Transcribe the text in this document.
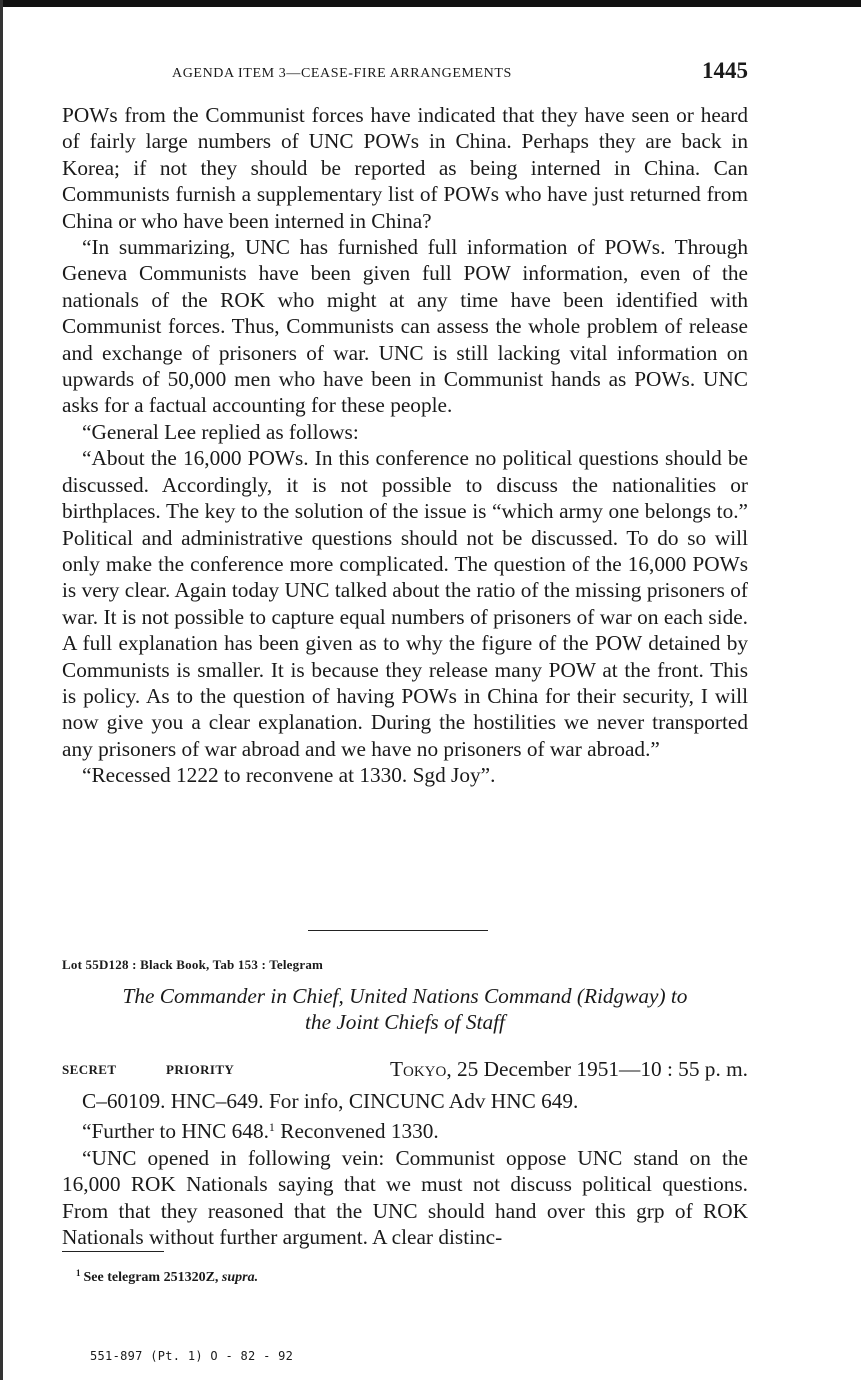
AGENDA ITEM 3—CEASE-FIRE ARRANGEMENTS	1445

POWs from the Communist forces have indicated that they have seen or heard of fairly large numbers of UNC POWs in China. Perhaps they are back in Korea; if not they should be reported as being interned in China. Can Communists furnish a supplementary list of POWs who have just returned from China or who have been interned in China?

“In summarizing, UNC has furnished full information of POWs. Through Geneva Communists have been given full POW information, even of the nationals of the ROK who might at any time have been identified with Communist forces. Thus, Communists can assess the whole problem of release and exchange of prisoners of war. UNC is still lacking vital information on upwards of 50,000 men who have been in Communist hands as POWs. UNC asks for a factual accounting for these people.

“General Lee replied as follows:

“About the 16,000 POWs. In this conference no political questions should be discussed. Accordingly, it is not possible to discuss the nationalities or birthplaces. The key to the solution of the issue is “which army one belongs to.” Political and administrative questions should not be discussed. To do so will only make the conference more complicated. The question of the 16,000 POWs is very clear. Again today UNC talked about the ratio of the missing prisoners of war. It is not possible to capture equal numbers of prisoners of war on each side. A full explanation has been given as to why the figure of the POW detained by Communists is smaller. It is because they release many POW at the front. This is policy. As to the question of having POWs in China for their security, I will now give you a clear explanation. During the hostilities we never transported any prisoners of war abroad and we have no prisoners of war abroad.”

“Recessed 1222 to reconvene at 1330. Sgd Joy”.

Lot 55D128 : Black Book, Tab 153 : Telegram
The Commander in Chief, United Nations Command (Ridgway) to
the Joint Chiefs of Staff
SECRET	PRIORITY	Tokyo, 25 December 1951—10 : 55 p. m.

C–60109. HNC–649. For info, CINCUNC Adv HNC 649.

“Further to HNC 648.$^1$ Reconvened 1330.

“UNC opened in following vein: Communist oppose UNC stand on the 16,000 ROK Nationals saying that we must not discuss political questions. From that they reasoned that the UNC should hand over this grp of ROK Nationals without further argument. A clear distinc-

$^1$ See telegram 251320Z, supra.
551-897 (Pt. 1) O - 82 - 92
